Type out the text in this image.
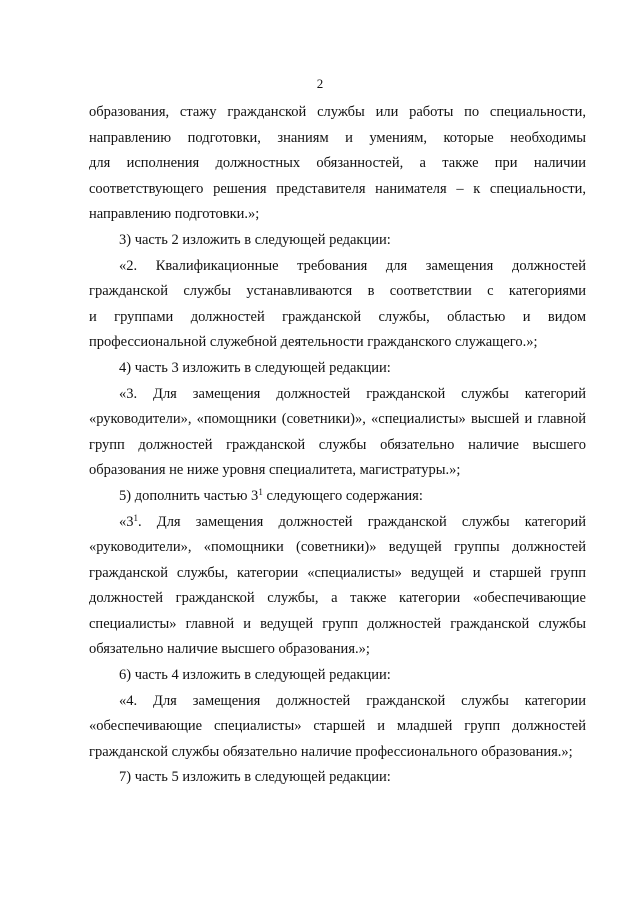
2
образования, стажу гражданской службы или работы по специальности,
направлению подготовки, знаниям и умениям, которые необходимы
для исполнения должностных обязанностей, а также при наличии
соответствующего решения представителя нанимателя – к специальности,
направлению подготовки.»;
3) часть 2 изложить в следующей редакции:
«2. Квалификационные требования для замещения должностей
гражданской службы устанавливаются в соответствии с категориями
и группами должностей гражданской службы, областью и видом
профессиональной служебной деятельности гражданского служащего.»;
4) часть 3 изложить в следующей редакции:
«3. Для замещения должностей гражданской службы категорий
«руководители», «помощники (советники)», «специалисты» высшей и главной
групп должностей гражданской службы обязательно наличие высшего
образования не ниже уровня специалитета, магистратуры.»;
5) дополнить частью $3^1$ следующего содержания:
«$3^1$. Для замещения должностей гражданской службы категорий
«руководители», «помощники (советники)» ведущей группы должностей
гражданской службы, категории «специалисты» ведущей и старшей групп
должностей гражданской службы, а также категории «обеспечивающие
специалисты» главной и ведущей групп должностей гражданской службы
обязательно наличие высшего образования.»;
6) часть 4 изложить в следующей редакции:
«4. Для замещения должностей гражданской службы категории
«обеспечивающие специалисты» старшей и младшей групп должностей
гражданской службы обязательно наличие профессионального образования.»;
7) часть 5 изложить в следующей редакции:
